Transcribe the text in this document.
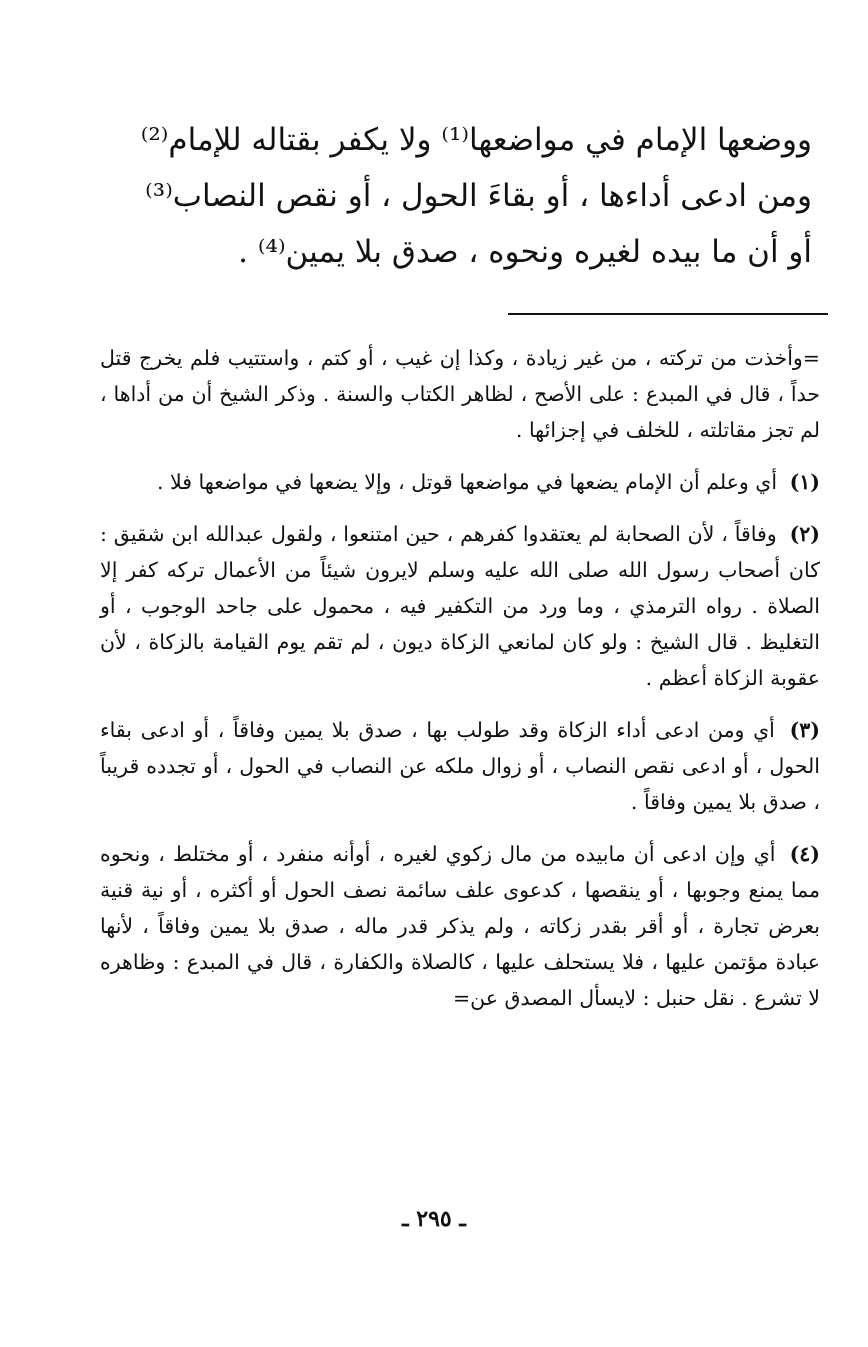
ووضعها الإمام في مواضعها⁽¹⁾ ولا يكفر بقتاله للإمام⁽²⁾

ومن ادعى أداءها ، أو بقاءَ الحول ، أو نقص النصاب⁽³⁾

أو أن ما بيده لغيره ونحوه ، صدق بلا يمين⁽⁴⁾ .

=وأخذت من تركته ، من غير زيادة ، وكذا إن غيب ، أو كتم ، واستتيب فلم يخرج قتل حداً ، قال في المبدع : على الأصح ، لظاهر الكتاب والسنة . وذكر الشيخ أن من أداها ، لم تجز مقاتلته ، للخلف في إجزائها .

(١) أي وعلم أن الإمام يضعها في مواضعها قوتل ، وإلا يضعها في مواضعها فلا .

(٢) وفاقاً ، لأن الصحابة لم يعتقدوا كفرهم ، حين امتنعوا ، ولقول عبدالله ابن شقيق : كان أصحاب رسول الله صلى الله عليه وسلم لايرون شيئاً من الأعمال تركه كفر إلا الصلاة . رواه الترمذي ، وما ورد من التكفير فيه ، محمول على جاحد الوجوب ، أو التغليظ . قال الشيخ : ولو كان لمانعي الزكاة ديون ، لم تقم يوم القيامة بالزكاة ، لأن عقوبة الزكاة أعظم .

(٣) أي ومن ادعى أداء الزكاة وقد طولب بها ، صدق بلا يمين وفاقاً ، أو ادعى بقاء الحول ، أو ادعى نقص النصاب ، أو زوال ملكه عن النصاب في الحول ، أو تجدده قريباً ، صدق بلا يمين وفاقاً .

(٤) أي وإن ادعى أن مابيده من مال زكوي لغيره ، أوأنه منفرد ، أو مختلط ، ونحوه مما يمنع وجوبها ، أو ينقصها ، كدعوى علف سائمة نصف الحول أو أكثره ، أو نية قنية بعرض تجارة ، أو أقر بقدر زكاته ، ولم يذكر قدر ماله ، صدق بلا يمين وفاقاً ، لأنها عبادة مؤتمن عليها ، فلا يستحلف عليها ، كالصلاة والكفارة ، قال في المبدع : وظاهره لا تشرع . نقل حنبل : لايسأل المصدق عن=

ـ ٢٩٥ ـ
